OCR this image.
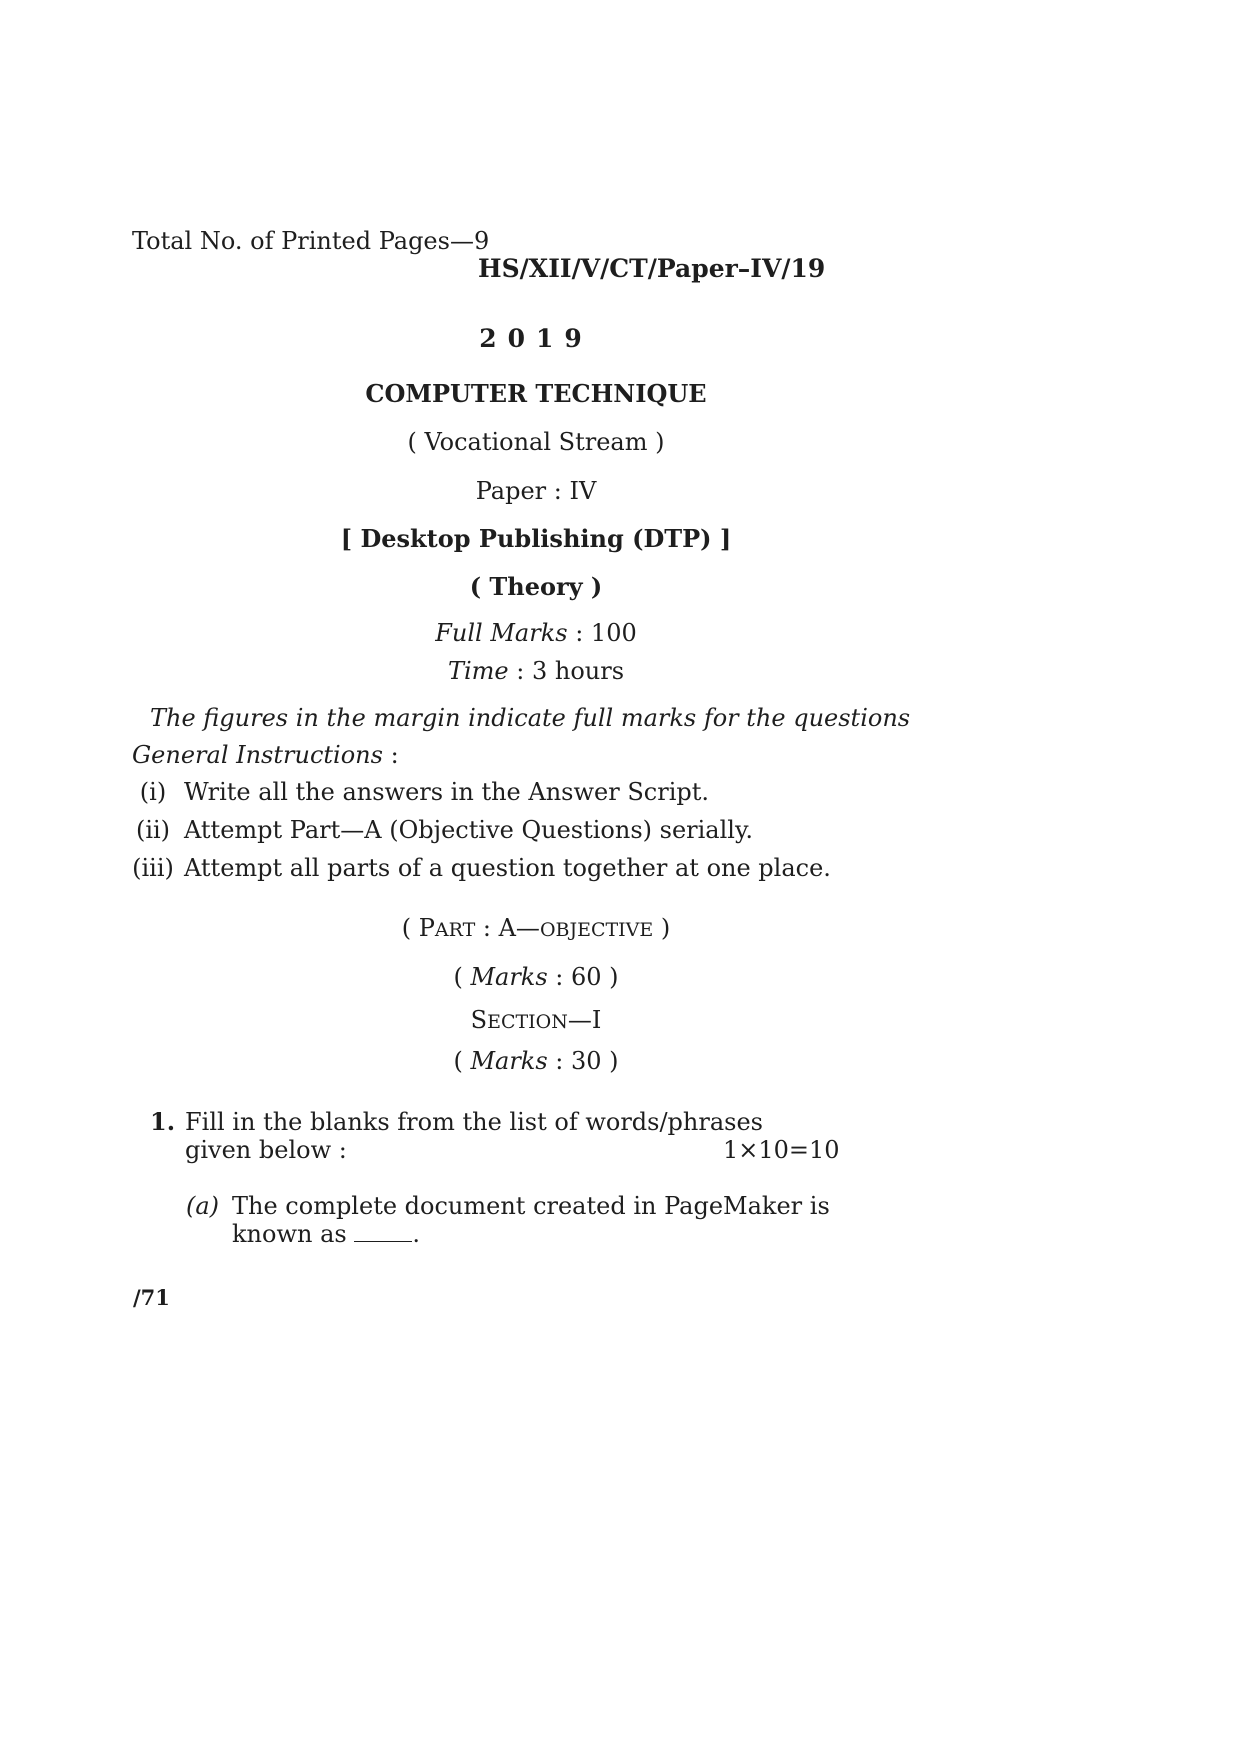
Total No. of Printed Pages—9
HS/XII/V/CT/Paper–IV/19
2019
COMPUTER TECHNIQUE
( Vocational Stream )
Paper : IV
[ Desktop Publishing (DTP) ]
( Theory )
Full Marks : 100
Time : 3 hours
The figures in the margin indicate full marks for the questions
General Instructions :
(i) Write all the answers in the Answer Script.
(ii) Attempt Part—A (Objective Questions) serially.
(iii) Attempt all parts of a question together at one place.
( PART : A—OBJECTIVE )
( Marks : 60 )
SECTION—I
( Marks : 30 )
1. Fill in the blanks from the list of words/phrases
given below :	1×10=10
(a) The complete document created in PageMaker is
known as .
/71
